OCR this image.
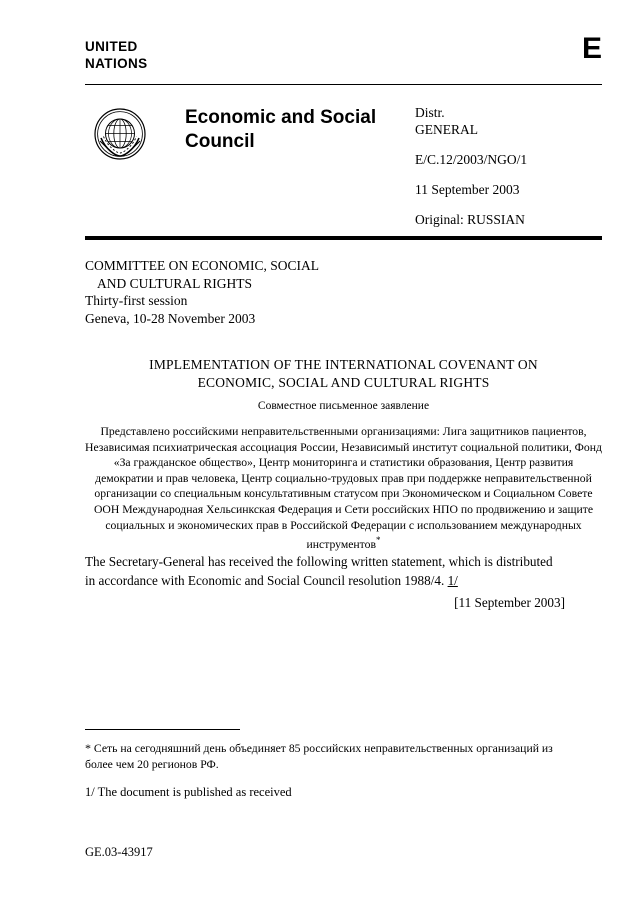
UNITED
NATIONS	E
Economic and Social Council
Distr.
GENERAL
E/C.12/2003/NGO/1
11 September 2003
Original: RUSSIAN
COMMITTEE ON ECONOMIC, SOCIAL
AND CULTURAL RIGHTS
Thirty-first session
Geneva, 10-28 November 2003
IMPLEMENTATION OF THE INTERNATIONAL COVENANT ON
ECONOMIC, SOCIAL AND CULTURAL RIGHTS
Совместное письменное заявление
Представлено российскими неправительственными организациями: Лига защитников пациентов, Независимая психиатрическая ассоциация России, Независимый институт социальной политики, Фонд «За гражданское общество», Центр мониторинга и статистики образования, Центр развития демократии и прав человека, Центр социально-трудовых прав при поддержке неправительственной организации со специальным консультативным статусом при Экономическом и Социальном Совете ООН Международная Хельсинкская Федерация и Сети российских НПО по продвижению и защите социальных и экономических прав в Российской Федерации с использованием международных инструментов*
The Secretary-General has received the following written statement, which is distributed in accordance with Economic and Social Council resolution 1988/4. 1/
[11 September 2003]
* Сеть на сегодняшний день объединяет 85 российских неправительственных организаций из более чем 20 регионов РФ.
1/ The document is published as received
GE.03-43917
